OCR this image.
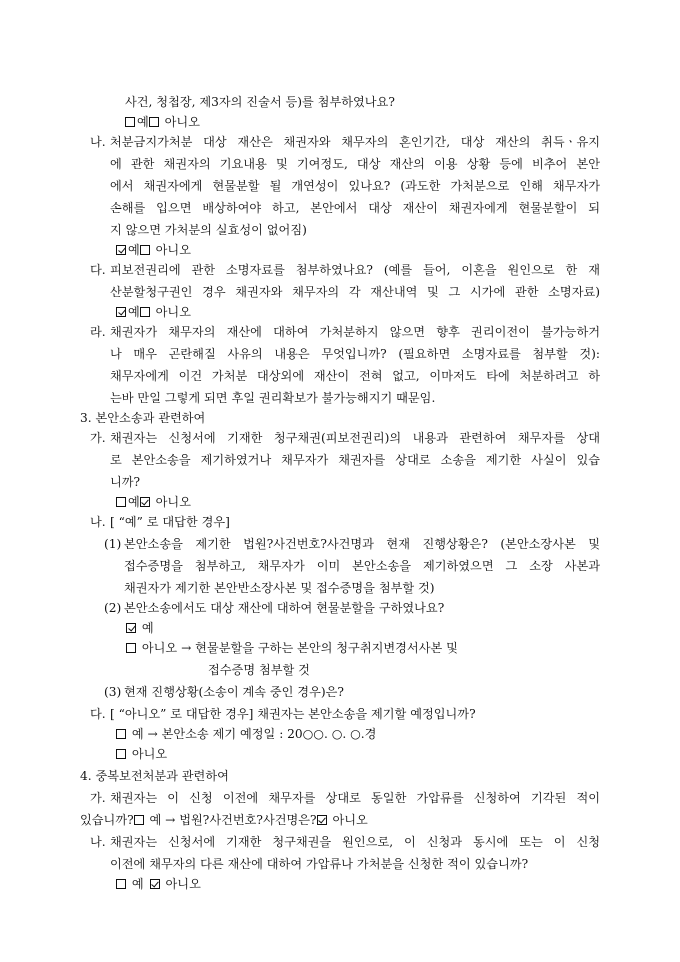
사건, 청첩장, 제3자의 진술서 등)를 첨부하였나요?
예 아니오
나. 처분금지가처분 대상 재산은 채권자와 채무자의 혼인기간, 대상 재산의 취득ㆍ유지
에 관한 채권자의 기요내용 및 기여정도, 대상 재산의 이용 상황 등에 비추어 본안
에서 채권자에게 현물분할 될 개연성이 있나요? (과도한 가처분으로 인해 채무자가
손해를 입으면 배상하여야 하고, 본안에서 대상 재산이 채권자에게 현물분할이 되
지 않으면 가처분의 실효성이 없어짐)
예 아니오
다. 피보전권리에 관한 소명자료를 첨부하였나요? (예를 들어, 이혼을 원인으로 한 재
산분할청구권인 경우 채권자와 채무자의 각 재산내역 및 그 시가에 관한 소명자료)
예 아니오
라. 채권자가 채무자의 재산에 대하여 가처분하지 않으면 향후 권리이전이 불가능하거
나 매우 곤란해질 사유의 내용은 무엇입니까? (필요하면 소명자료를 첨부할 것):
채무자에게 이건 가처분 대상외에 재산이 전혀 없고, 이마저도 타에 처분하려고 하
는바 만일 그렇게 되면 후일 권리확보가 불가능해지기 때문임.
3. 본안소송과 관련하여
가. 채권자는 신청서에 기재한 청구채권(피보전권리)의 내용과 관련하여 채무자를 상대
로 본안소송을 제기하였거나 채무자가 채권자를 상대로 소송을 제기한 사실이 있습
니까?
예 아니오
나. [ “예” 로 대답한 경우]
(1) 본안소송을 제기한 법원?사건번호?사건명과 현재 진행상황은? (본안소장사본 및
접수증명을 첨부하고, 채무자가 이미 본안소송을 제기하였으면 그 소장 사본과
채권자가 제기한 본안반소장사본 및 접수증명을 첨부할 것)
(2) 본안소송에서도 대상 재산에 대하여 현물분할을 구하였나요?
예
아니오 → 현물분할을 구하는 본안의 청구취지변경서사본 및
접수증명 첨부할 것
(3) 현재 진행상황(소송이 계속 중인 경우)은?
다. [ “아니오” 로 대답한 경우] 채권자는 본안소송을 제기할 예정입니까?
예 → 본안소송 제기 예정일 : 20○○. ○. ○.경
아니오
4. 중복보전처분과 관련하여
가. 채권자는 이 신청 이전에 채무자를 상대로 동일한 가압류를 신청하여 기각된 적이
있습니까? 예 → 법원?사건번호?사건명은? 아니오
나. 채권자는 신청서에 기재한 청구채권을 원인으로, 이 신청과 동시에 또는 이 신청
이전에 채무자의 다른 재산에 대하여 가압류나 가처분을 신청한 적이 있습니까?
예 아니오
